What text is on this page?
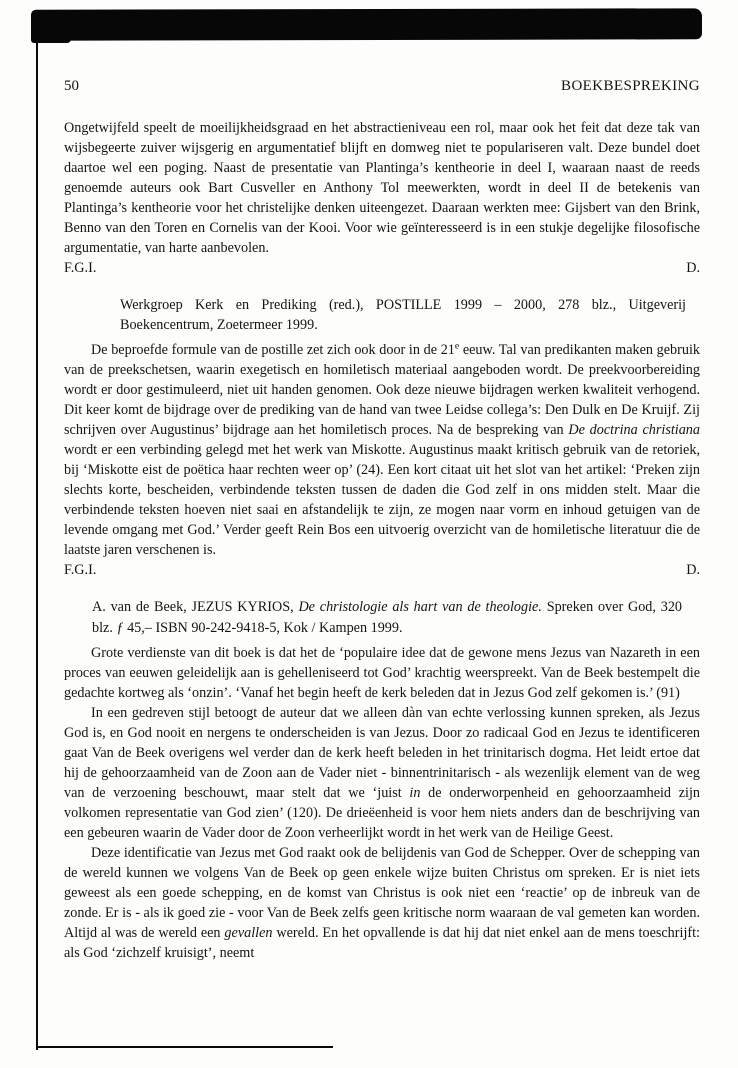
50	BOEKBESPREKING
Ongetwijfeld speelt de moeilijkheidsgraad en het abstractieniveau een rol, maar ook het feit dat deze tak van wijsbegeerte zuiver wijsgerig en argumentatief blijft en domweg niet te populariseren valt. Deze bundel doet daartoe wel een poging. Naast de presentatie van Plantinga’s kentheorie in deel I, waaraan naast de reeds genoemde auteurs ook Bart Cusveller en Anthony Tol meewerkten, wordt in deel II de betekenis van Plantinga’s kentheorie voor het christelijke denken uiteengezet. Daaraan werkten mee: Gijsbert van den Brink, Benno van den Toren en Cornelis van der Kooi. Voor wie geïnteresseerd is in een stukje degelijke filosofische argumentatie, van harte aanbevolen.
F.G.I.	D.
Werkgroep Kerk en Prediking (red.), POSTILLE 1999 – 2000, 278 blz., Uitgeverij Boekencentrum, Zoetermeer 1999.
De beproefde formule van de postille zet zich ook door in de 21e eeuw. Tal van predikanten maken gebruik van de preekschetsen, waarin exegetisch en homiletisch materiaal aangeboden wordt. De preekvoorbereiding wordt er door gestimuleerd, niet uit handen genomen. Ook deze nieuwe bijdragen werken kwaliteit verhogend. Dit keer komt de bijdrage over de prediking van de hand van twee Leidse collega’s: Den Dulk en De Kruijf. Zij schrijven over Augustinus’ bijdrage aan het homiletisch proces. Na de bespreking van De doctrina christiana wordt er een verbinding gelegd met het werk van Miskotte. Augustinus maakt kritisch gebruik van de retoriek, bij ‘Miskotte eist de poëtica haar rechten weer op’ (24). Een kort citaat uit het slot van het artikel: ‘Preken zijn slechts korte, bescheiden, verbindende teksten tussen de daden die God zelf in ons midden stelt. Maar die verbindende teksten hoeven niet saai en afstandelijk te zijn, ze mogen naar vorm en inhoud getuigen van de levende omgang met God.’ Verder geeft Rein Bos een uitvoerig overzicht van de homiletische literatuur die de laatste jaren verschenen is.
F.G.I.	D.
A. van de Beek, JEZUS KYRIOS, De christologie als hart van de theologie. Spreken over God, 320 blz. ƒ 45,– ISBN 90-242-9418-5, Kok / Kampen 1999.
Grote verdienste van dit boek is dat het de ‘populaire idee dat de gewone mens Jezus van Nazareth in een proces van eeuwen geleidelijk aan is gehelleniseerd tot God’ krachtig weerspreekt. Van de Beek bestempelt die gedachte kortweg als ‘onzin’. ‘Vanaf het begin heeft de kerk beleden dat in Jezus God zelf gekomen is.’ (91)
In een gedreven stijl betoogt de auteur dat we alleen dàn van echte verlossing kunnen spreken, als Jezus God is, en God nooit en nergens te onderscheiden is van Jezus. Door zo radicaal God en Jezus te identificeren gaat Van de Beek overigens wel verder dan de kerk heeft beleden in het trinitarisch dogma. Het leidt ertoe dat hij de gehoorzaamheid van de Zoon aan de Vader niet - binnentrinitarisch - als wezenlijk element van de weg van de verzoening beschouwt, maar stelt dat we ‘juist in de onderworpenheid en gehoorzaamheid zijn volkomen representatie van God zien’ (120). De drieëenheid is voor hem niets anders dan de beschrijving van een gebeuren waarin de Vader door de Zoon verheerlijkt wordt in het werk van de Heilige Geest.
Deze identificatie van Jezus met God raakt ook de belijdenis van God de Schepper. Over de schepping van de wereld kunnen we volgens Van de Beek op geen enkele wijze buiten Christus om spreken. Er is niet iets geweest als een goede schepping, en de komst van Christus is ook niet een ‘reactie’ op de inbreuk van de zonde. Er is - als ik goed zie - voor Van de Beek zelfs geen kritische norm waaraan de val gemeten kan worden. Altijd al was de wereld een gevallen wereld. En het opvallende is dat hij dat niet enkel aan de mens toeschrijft: als God ‘zichzelf kruisigt’, neemt
